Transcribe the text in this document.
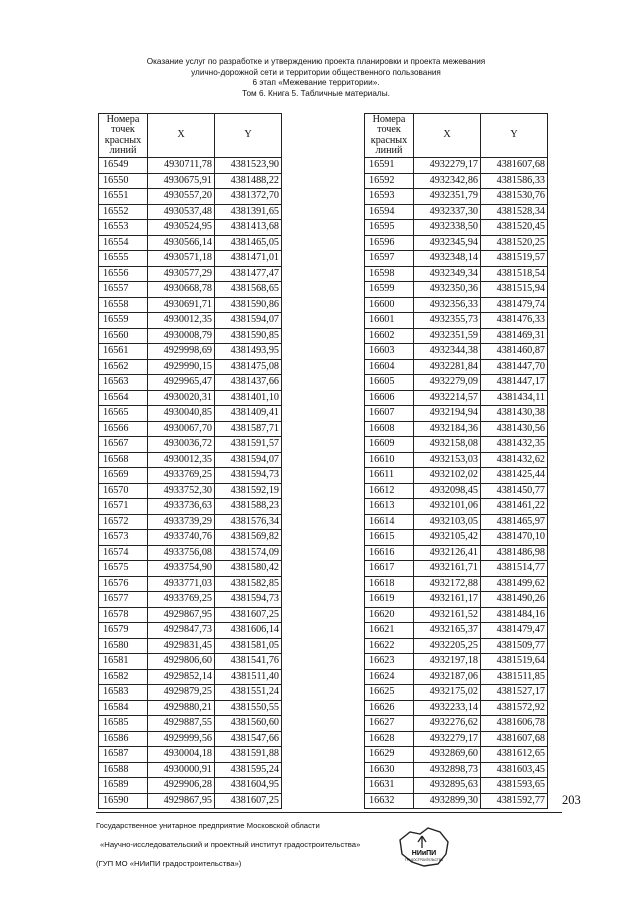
Оказание услуг по разработке и утверждению проекта планировки и проекта межевания
улично-дорожной сети и территории общественного пользования
6 этап «Межевание территории».
Том 6. Книга 5. Табличные материалы.
Номера
точек
красных
линий	X	Y
16549	4930711,78	4381523,90
16550	4930675,91	4381488,22
16551	4930557,20	4381372,70
16552	4930537,48	4381391,65
16553	4930524,95	4381413,68
16554	4930566,14	4381465,05
16555	4930571,18	4381471,01
16556	4930577,29	4381477,47
16557	4930668,78	4381568,65
16558	4930691,71	4381590,86
16559	4930012,35	4381594,07
16560	4930008,79	4381590,85
16561	4929998,69	4381493,95
16562	4929990,15	4381475,08
16563	4929965,47	4381437,66
16564	4930020,31	4381401,10
16565	4930040,85	4381409,41
16566	4930067,70	4381587,71
16567	4930036,72	4381591,57
16568	4930012,35	4381594,07
16569	4933769,25	4381594,73
16570	4933752,30	4381592,19
16571	4933736,63	4381588,23
16572	4933739,29	4381576,34
16573	4933740,76	4381569,82
16574	4933756,08	4381574,09
16575	4933754,90	4381580,42
16576	4933771,03	4381582,85
16577	4933769,25	4381594,73
16578	4929867,95	4381607,25
16579	4929847,73	4381606,14
16580	4929831,45	4381581,05
16581	4929806,60	4381541,76
16582	4929852,14	4381511,40
16583	4929879,25	4381551,24
16584	4929880,21	4381550,55
16585	4929887,55	4381560,60
16586	4929999,56	4381547,66
16587	4930004,18	4381591,88
16588	4930000,91	4381595,24
16589	4929906,28	4381604,95
16590	4929867,95	4381607,25
Номера
точек
красных
линий	X	Y
16591	4932279,17	4381607,68
16592	4932342,86	4381586,33
16593	4932351,79	4381530,76
16594	4932337,30	4381528,34
16595	4932338,50	4381520,45
16596	4932345,94	4381520,25
16597	4932348,14	4381519,57
16598	4932349,34	4381518,54
16599	4932350,36	4381515,94
16600	4932356,33	4381479,74
16601	4932355,73	4381476,33
16602	4932351,59	4381469,31
16603	4932344,38	4381460,87
16604	4932281,84	4381447,70
16605	4932279,09	4381447,17
16606	4932214,57	4381434,11
16607	4932194,94	4381430,38
16608	4932184,36	4381430,56
16609	4932158,08	4381432,35
16610	4932153,03	4381432,62
16611	4932102,02	4381425,44
16612	4932098,45	4381450,77
16613	4932101,06	4381461,22
16614	4932103,05	4381465,97
16615	4932105,42	4381470,10
16616	4932126,41	4381486,98
16617	4932161,71	4381514,77
16618	4932172,88	4381499,62
16619	4932161,17	4381490,26
16620	4932161,52	4381484,16
16621	4932165,37	4381479,47
16622	4932205,25	4381509,77
16623	4932197,18	4381519,64
16624	4932187,06	4381511,85
16625	4932175,02	4381527,17
16626	4932233,14	4381572,92
16627	4932276,62	4381606,78
16628	4932279,17	4381607,68
16629	4932869,60	4381612,65
16630	4932898,73	4381603,45
16631	4932895,63	4381593,65
16632	4932899,30	4381592,77 203
Государственное унитарное предприятие Московской области
«Научно-исследовательский и проектный институт градостроительства»
(ГУП МО «НИиПИ градостроительства»)
НИиПИ
ГРАДОСТРОИТЕЛЬСТВА
